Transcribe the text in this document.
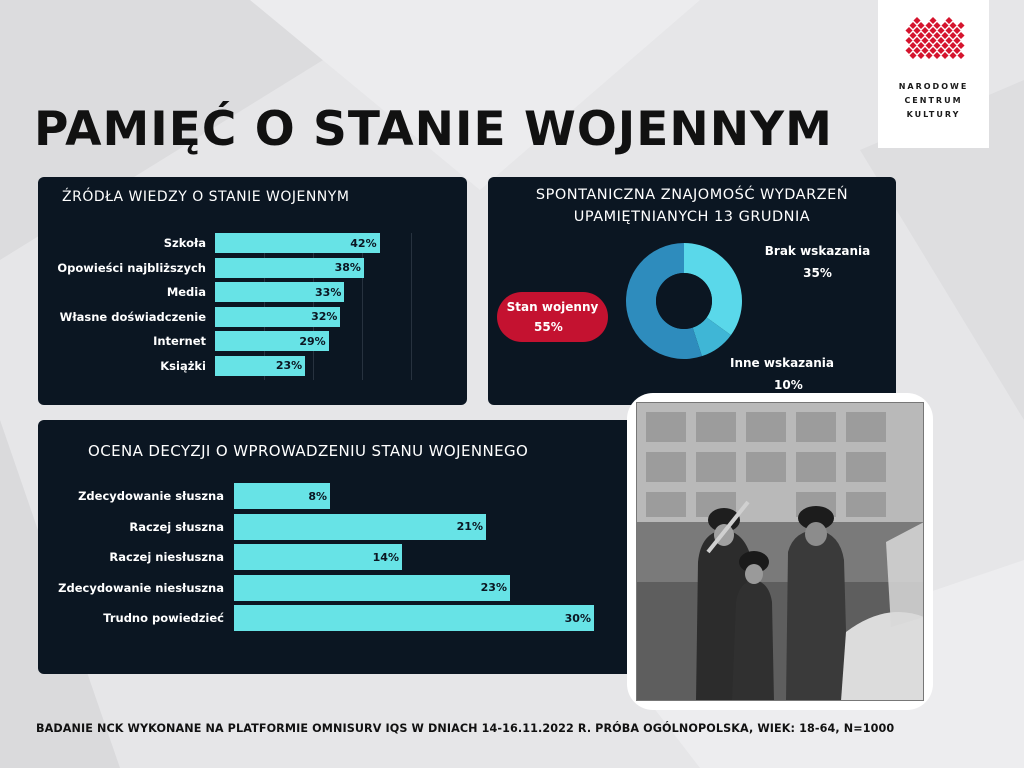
NARODOWE
CENTRUM
KULTURY
PAMIĘĆ O STANIE WOJENNYM
ŹRÓDŁA WIEDZY O STANIE WOJENNYM
Szkoła	42%
Opowieści najbliższych	38%
Media	33%
Własne doświadczenie	32%
Internet	29%
Książki	23%
SPONTANICZNA ZNAJOMOŚĆ WYDARZEŃ
UPAMIĘTNIANYCH 13 GRUDNIA
Brak wskazania
35%
Inne wskazania
10%
Stan wojenny
55%
OCENA DECYZJI O WPROWADZENIU STANU WOJENNEGO
Zdecydowanie słuszna	8%
Raczej słuszna	21%
Raczej niesłuszna	14%
Zdecydowanie niesłuszna	23%
Trudno powiedzieć	30%
BADANIE NCK WYKONANE NA PLATFORMIE OMNISURV IQS W DNIACH 14-16.11.2022 R. PRÓBA OGÓLNOPOLSKA, WIEK: 18-64, N=1000
